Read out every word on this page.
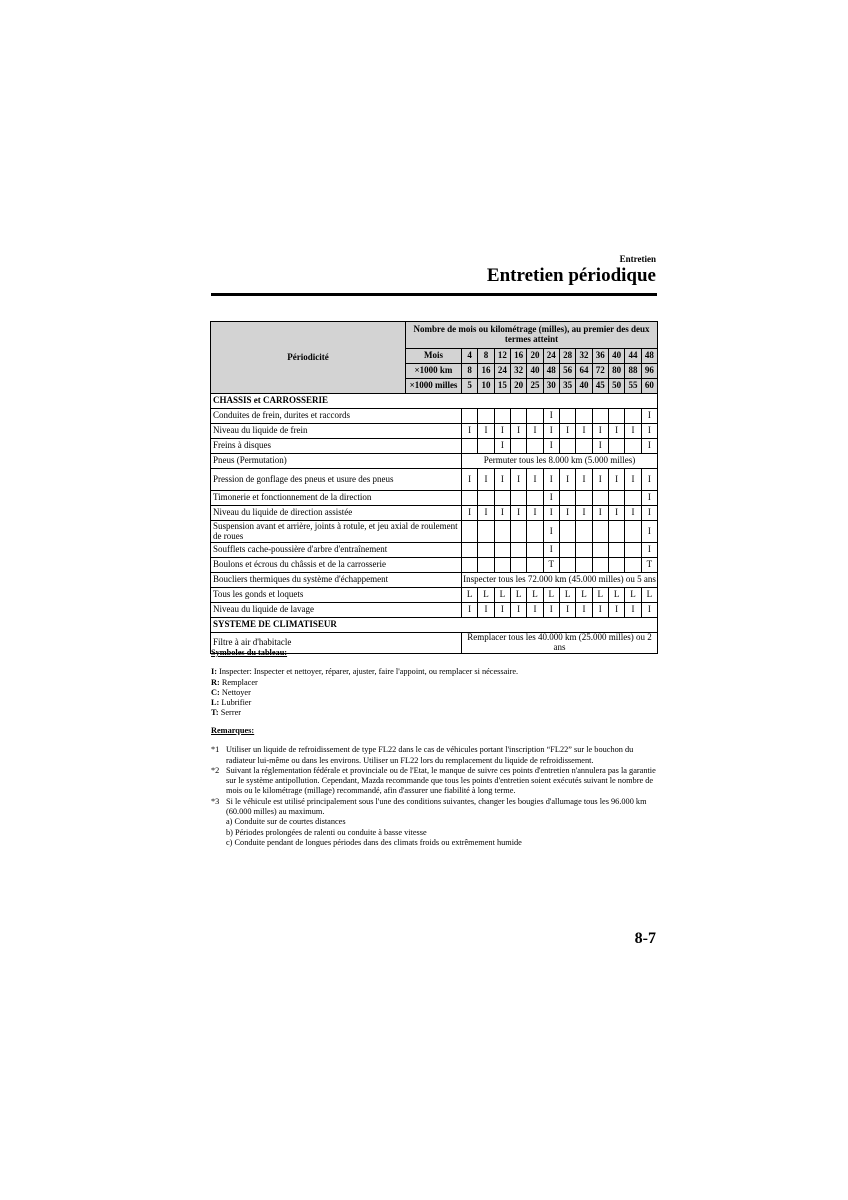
Entretien
Entretien périodique
Périodicité	Nombre de mois ou kilométrage (milles), au premier des deux termes atteint												
	Mois	4	8	12	16	20	24	28	32	36	40	44	48
	×1000 km	8	16	24	32	40	48	56	64	72	80	88	96
	×1000 milles	5	10	15	20	25	30	35	40	45	50	55	60
CHASSIS et CARROSSERIE													
Conduites de frein, durites et raccords							I						I
Niveau du liquide de frein		I	I	I	I	I	I	I	I	I	I	I	I
Freins à disques				I			I			I			I
Pneus (Permutation)		Permuter tous les 8.000 km (5.000 milles)											
Pression de gonflage des pneus et usure des pneus		I	I	I	I	I	I	I	I	I	I	I	I
Timonerie et fonctionnement de la direction							I						I
Niveau du liquide de direction assistée		I	I	I	I	I	I	I	I	I	I	I	I
Suspension avant et arrière, joints à rotule, et jeu axial de roulement de roues							I						I
Soufflets cache-poussière d'arbre d'entraînement							I						I
Boulons et écrous du châssis et de la carrosserie							T						T
Boucliers thermiques du système d'échappement		Inspecter tous les 72.000 km (45.000 milles) ou 5 ans											
Tous les gonds et loquets		L	L	L	L	L	L	L	L	L	L	L	L
Niveau du liquide de lavage		I	I	I	I	I	I	I	I	I	I	I	I
SYSTEME DE CLIMATISEUR													
Filtre à air d'habitacle		Remplacer tous les 40.000 km (25.000 milles) ou 2 ans											

Symboles du tableau:

I: Inspecter: Inspecter et nettoyer, réparer, ajuster, faire l'appoint, ou remplacer si nécessaire.

R: Remplacer

C: Nettoyer

L: Lubrifier

T: Serrer

Remarques:

*1 Utiliser un liquide de refroidissement de type FL22 dans le cas de véhicules portant l'inscription “FL22” sur le bouchon du radiateur lui-même ou dans les environs. Utiliser un FL22 lors du remplacement du liquide de refroidissement.
*2 Suivant la réglementation fédérale et provinciale ou de l'Etat, le manque de suivre ces points d'entretien n'annulera pas la garantie sur le système antipollution. Cependant, Mazda recommande que tous les points d'entretien soient exécutés suivant le nombre de mois ou le kilométrage (millage) recommandé, afin d'assurer une fiabilité à long terme.
*3 Si le véhicule est utilisé principalement sous l'une des conditions suivantes, changer les bougies d'allumage tous les 96.000 km (60.000 milles) au maximum.
a) Conduite sur de courtes distances
b) Périodes prolongées de ralenti ou conduite à basse vitesse
c) Conduite pendant de longues périodes dans des climats froids ou extrêmement humide
8-7
